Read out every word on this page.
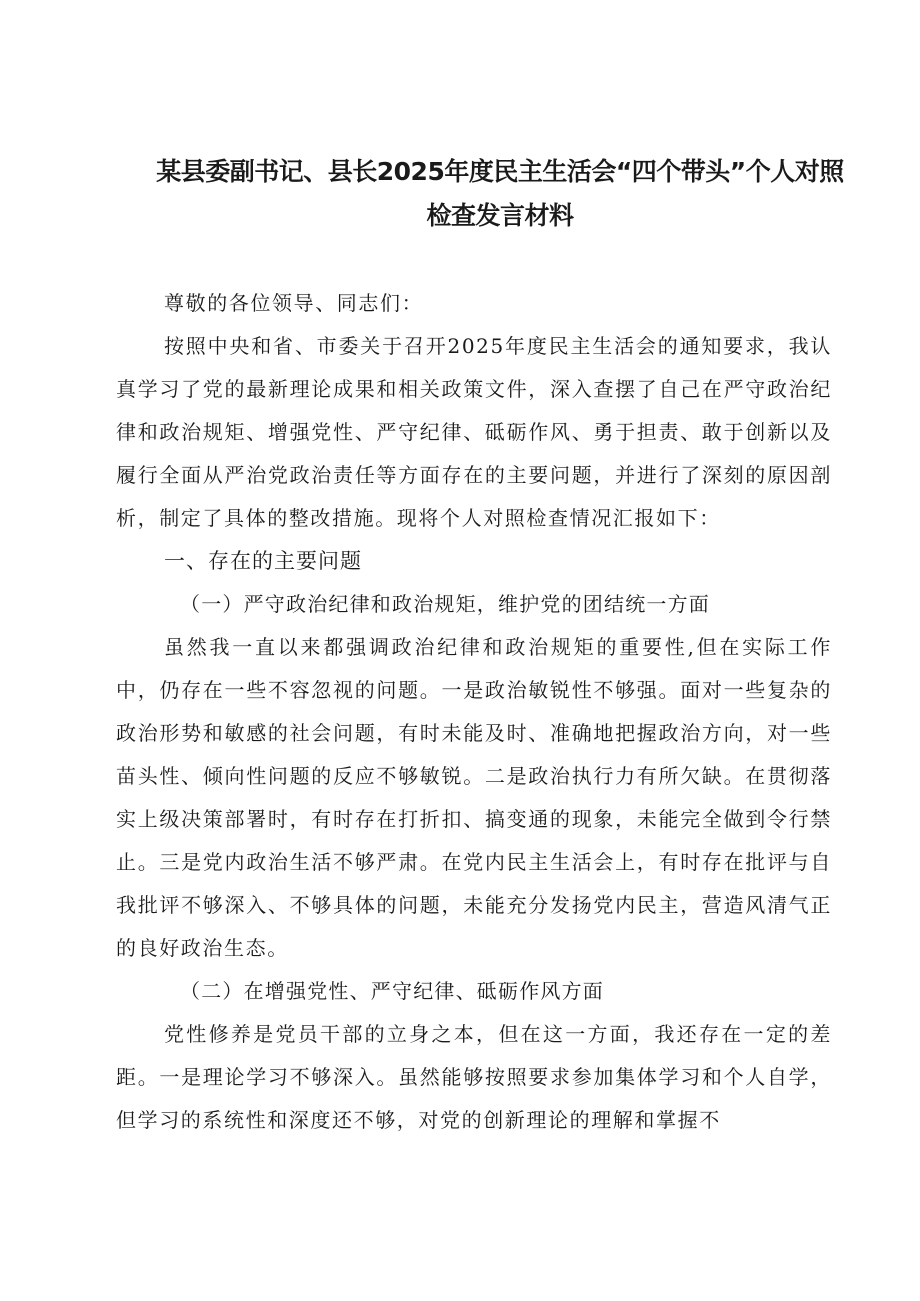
某县委副书记、县长2025年度民主生活会“四个带头”个人对照检查发言材料

尊敬的各位领导、同志们：

按照中央和省、市委关于召开2025年度民主生活会的通知要求，我认真学习了党的最新理论成果和相关政策文件，深入查摆了自己在严守政治纪律和政治规矩、增强党性、严守纪律、砥砺作风、勇于担责、敢于创新以及履行全面从严治党政治责任等方面存在的主要问题，并进行了深刻的原因剖析，制定了具体的整改措施。现将个人对照检查情况汇报如下：

一、存在的主要问题

（一）严守政治纪律和政治规矩，维护党的团结统一方面

虽然我一直以来都强调政治纪律和政治规矩的重要性,但在实际工作中，仍存在一些不容忽视的问题。一是政治敏锐性不够强。面对一些复杂的政治形势和敏感的社会问题，有时未能及时、准确地把握政治方向，对一些苗头性、倾向性问题的反应不够敏锐。二是政治执行力有所欠缺。在贯彻落实上级决策部署时，有时存在打折扣、搞变通的现象，未能完全做到令行禁止。三是党内政治生活不够严肃。在党内民主生活会上，有时存在批评与自我批评不够深入、不够具体的问题，未能充分发扬党内民主，营造风清气正的良好政治生态。

（二）在增强党性、严守纪律、砥砺作风方面

党性修养是党员干部的立身之本，但在这一方面，我还存在一定的差距。一是理论学习不够深入。虽然能够按照要求参加集体学习和个人自学，但学习的系统性和深度还不够，对党的创新理论的理解和掌握不
